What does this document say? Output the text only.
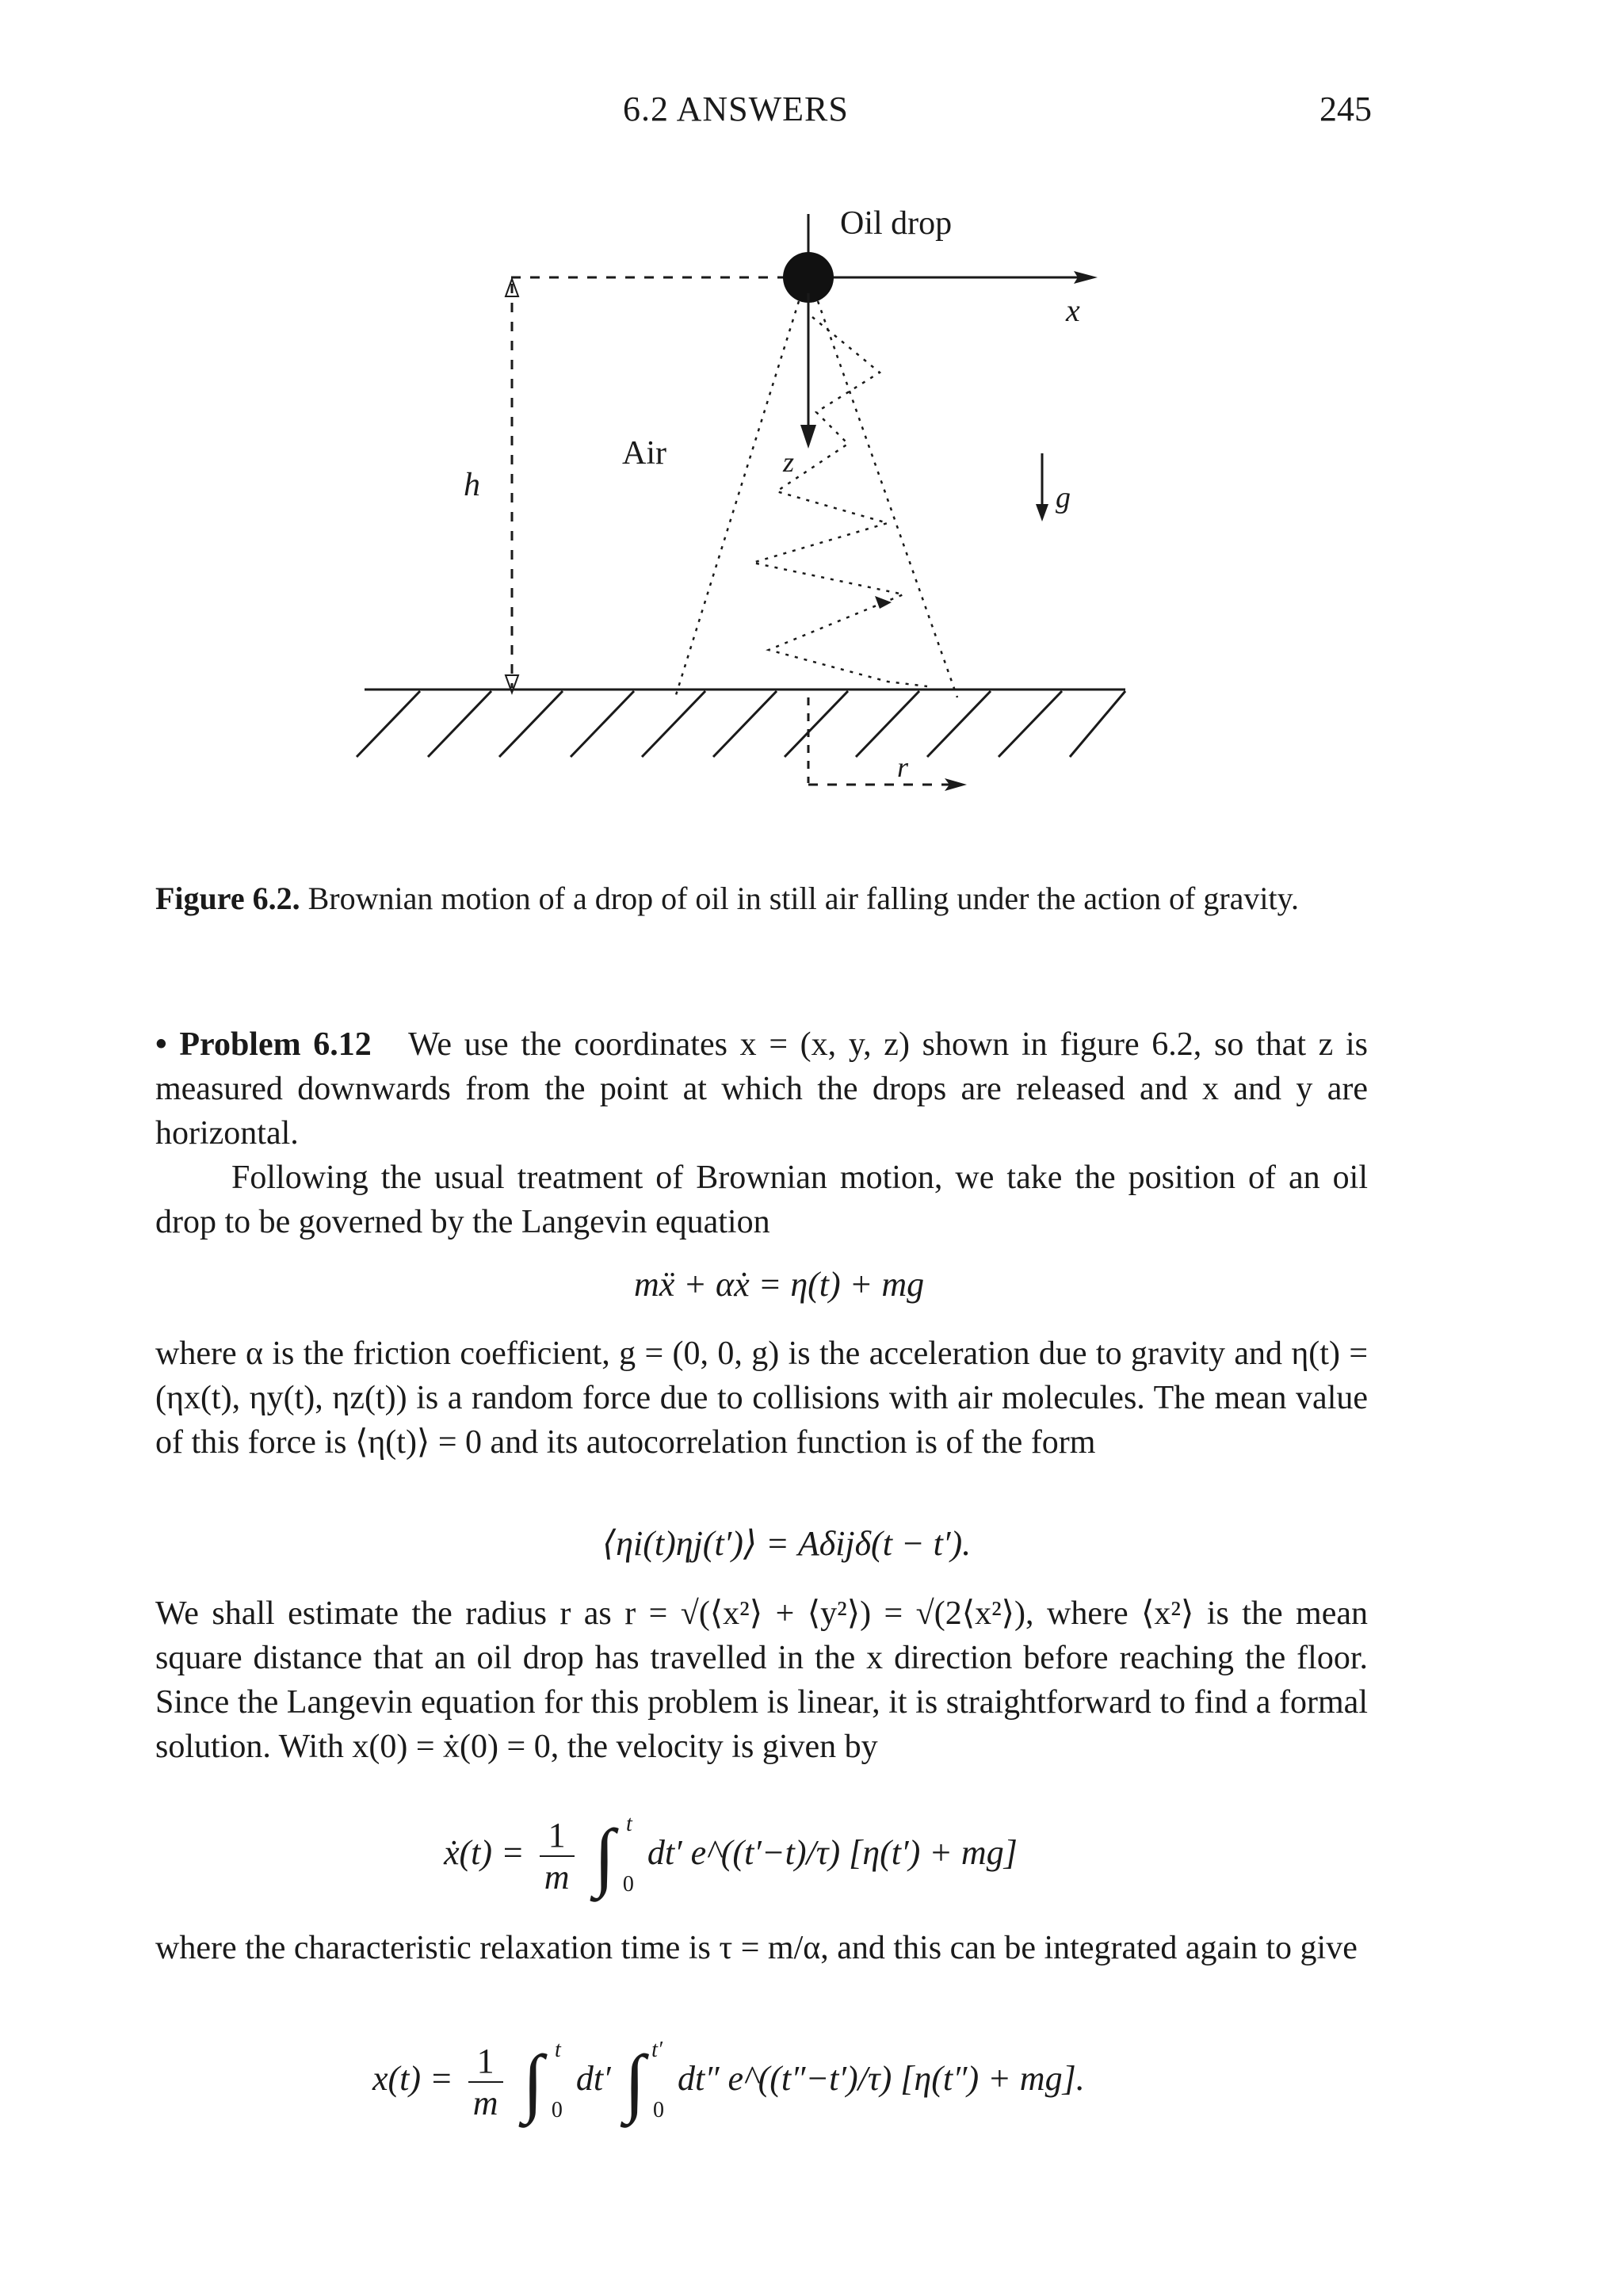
6.2 ANSWERS	245
Oil drop
x
h
Air	z
g
r
Figure 6.2. Brownian motion of a drop of oil in still air falling under the action of gravity.
• Problem 6.12 We use the coordinates x = (x, y, z) shown in figure 6.2, so that z is measured downwards from the point at which the drops are released and x and y are horizontal.
Following the usual treatment of Brownian motion, we take the position of an oil drop to be governed by the Langevin equation
mẍ + αẋ = η(t) + mg
where α is the friction coefficient, g = (0, 0, g) is the acceleration due to gravity and η(t) = (ηx(t), ηy(t), ηz(t)) is a random force due to collisions with air molecules. The mean value of this force is ⟨η(t)⟩ = 0 and its autocorrelation function is of the form
⟨ηi(t)ηj(t′)⟩ = Aδijδ(t − t′).
We shall estimate the radius r as r = √(⟨x²⟩ + ⟨y²⟩) = √(2⟨x²⟩), where ⟨x²⟩ is the mean square distance that an oil drop has travelled in the x direction before reaching the floor. Since the Langevin equation for this problem is linear, it is straightforward to find a formal solution. With x(0) = ẋ(0) = 0, the velocity is given by
ẋ(t) = $\frac{1}{m}$ ∫ t
0
dt′ e^((t′−t)/τ) [η(t′) + mg]
where the characteristic relaxation time is τ = m/α, and this can be integrated again to give
$x(t) = \frac{1}{m}$ ∫ t
0
dt′ ∫ t′
0
dt″ e^((t″−t′)/τ) [η(t″) + mg].
